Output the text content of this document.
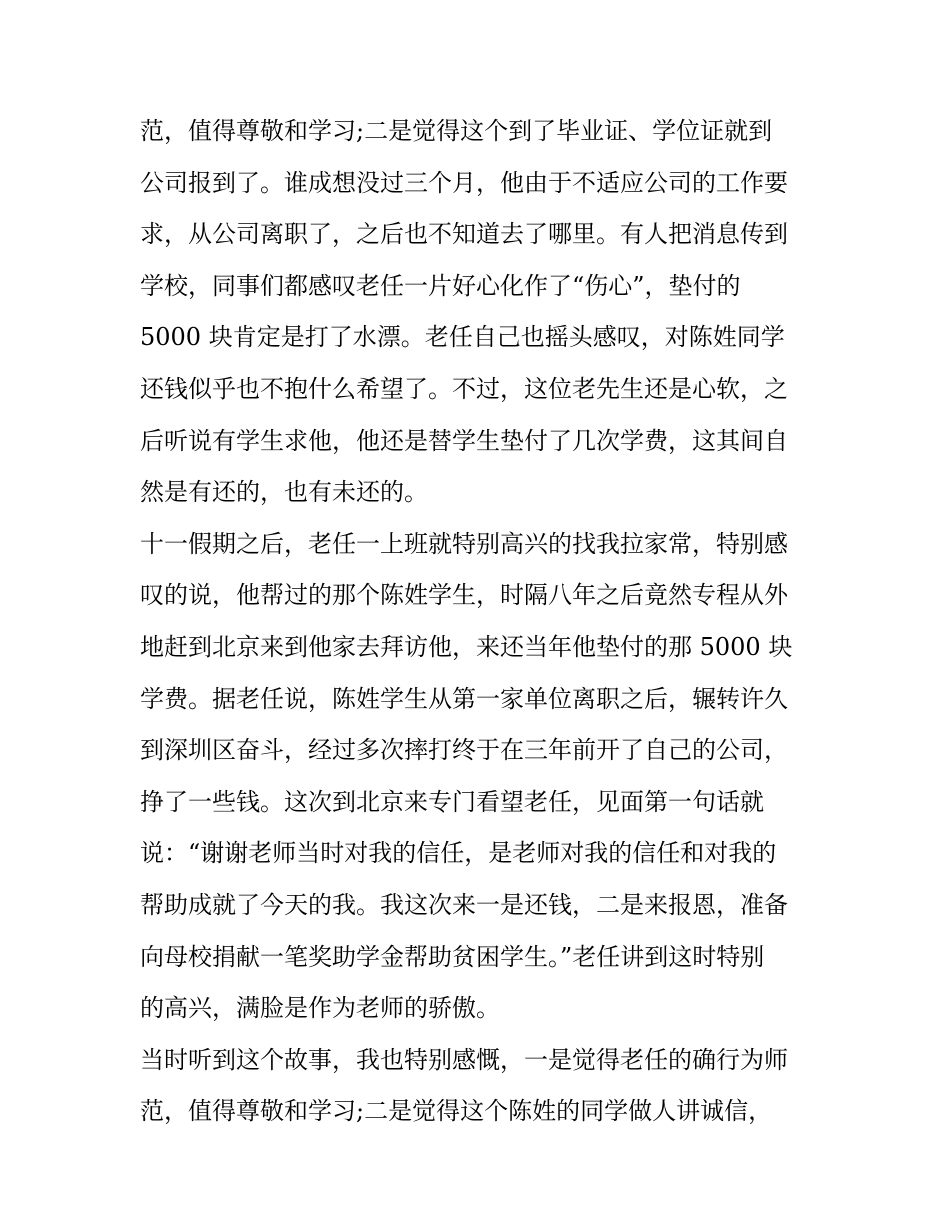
范，值得尊敬和学习;二是觉得这个到了毕业证、学位证就到
公司报到了。谁成想没过三个月，他由于不适应公司的工作要
求，从公司离职了，之后也不知道去了哪里。有人把消息传到
学校，同事们都感叹老任一片好心化作了“伤心”，垫付的
5000 块肯定是打了水漂。老任自己也摇头感叹，对陈姓同学
还钱似乎也不抱什么希望了。不过，这位老先生还是心软，之
后听说有学生求他，他还是替学生垫付了几次学费，这其间自
然是有还的，也有未还的。
十一假期之后，老任一上班就特别高兴的找我拉家常，特别感
叹的说，他帮过的那个陈姓学生，时隔八年之后竟然专程从外
地赶到北京来到他家去拜访他，来还当年他垫付的那 5000 块
学费。据老任说，陈姓学生从第一家单位离职之后，辗转许久
到深圳区奋斗，经过多次摔打终于在三年前开了自己的公司，
挣了一些钱。这次到北京来专门看望老任，见面第一句话就
说：“谢谢老师当时对我的信任，是老师对我的信任和对我的
帮助成就了今天的我。我这次来一是还钱，二是来报恩，准备
向母校捐献一笔奖助学金帮助贫困学生。”老任讲到这时特别
的高兴，满脸是作为老师的骄傲。
当时听到这个故事，我也特别感慨，一是觉得老任的确行为师
范，值得尊敬和学习;二是觉得这个陈姓的同学做人讲诚信，
